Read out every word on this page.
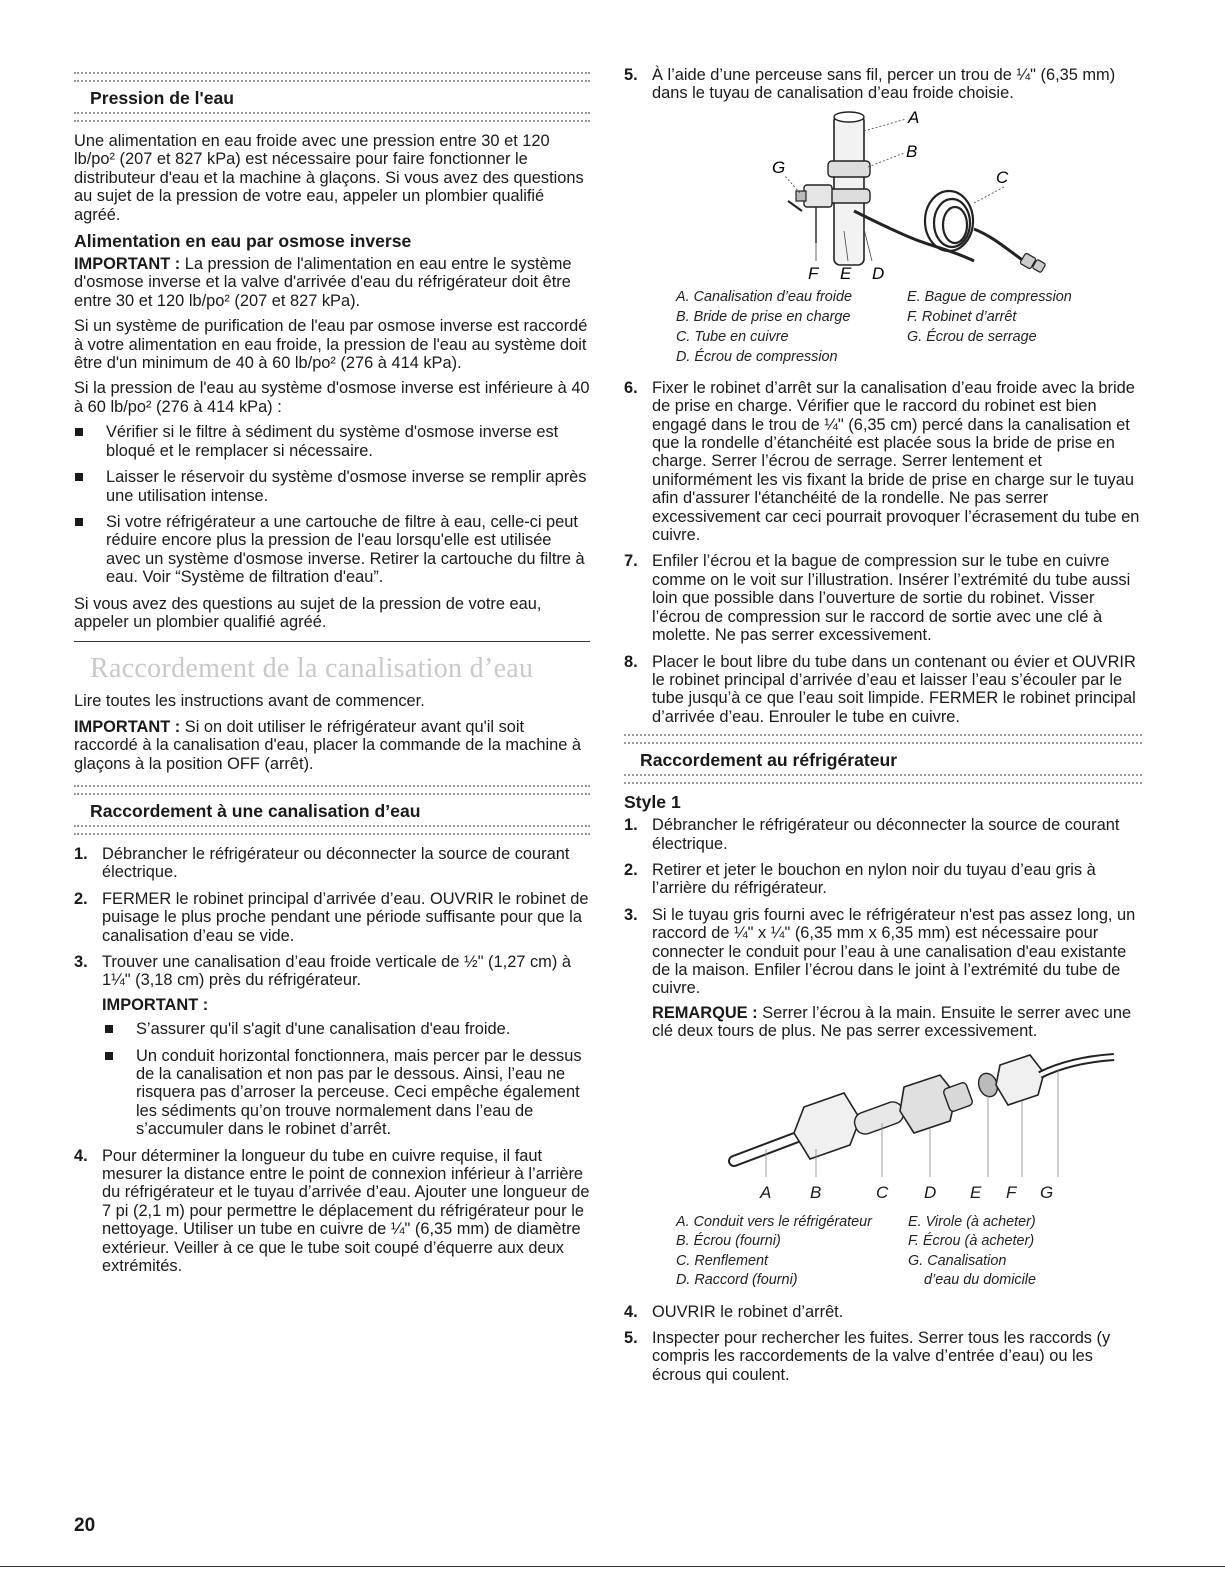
Pression de l'eau

Une alimentation en eau froide avec une pression entre 30 et 120 lb/po² (207 et 827 kPa) est nécessaire pour faire fonctionner le distributeur d'eau et la machine à glaçons. Si vous avez des questions au sujet de la pression de votre eau, appeler un plombier qualifié agréé.

Alimentation en eau par osmose inverse

IMPORTANT : La pression de l'alimentation en eau entre le système d'osmose inverse et la valve d'arrivée d'eau du réfrigérateur doit être entre 30 et 120 lb/po² (207 et 827 kPa).

Si un système de purification de l'eau par osmose inverse est raccordé à votre alimentation en eau froide, la pression de l'eau au système doit être d'un minimum de 40 à 60 lb/po² (276 à 414 kPa).

Si la pression de l'eau au système d'osmose inverse est inférieure à 40 à 60 lb/po² (276 à 414 kPa) :

Vérifier si le filtre à sédiment du système d'osmose inverse est bloqué et le remplacer si nécessaire.
Laisser le réservoir du système d'osmose inverse se remplir après une utilisation intense.
Si votre réfrigérateur a une cartouche de filtre à eau, celle-ci peut réduire encore plus la pression de l'eau lorsqu'elle est utilisée avec un système d'osmose inverse. Retirer la cartouche du filtre à eau. Voir “Système de filtration d'eau”.

Si vous avez des questions au sujet de la pression de votre eau, appeler un plombier qualifié agréé.

Raccordement de la canalisation d’eau

Lire toutes les instructions avant de commencer.

IMPORTANT : Si on doit utiliser le réfrigérateur avant qu'il soit raccordé à la canalisation d'eau, placer la commande de la machine à glaçons à la position OFF (arrêt).

Raccordement à une canalisation d’eau
1. Débrancher le réfrigérateur ou déconnecter la source de courant électrique.

2. FERMER le robinet principal d’arrivée d’eau. OUVRIR le robinet de puisage le plus proche pendant une période suffisante pour que la canalisation d’eau se vide.

3. Trouver une canalisation d’eau froide verticale de ½" (1,27 cm) à 1¼" (3,18 cm) près du réfrigérateur.

IMPORTANT :

S’assurer qu'il s'agit d'une canalisation d'eau froide.
Un conduit horizontal fonctionnera, mais percer par le dessus de la canalisation et non pas par le dessous. Ainsi, l’eau ne risquera pas d’arroser la perceuse. Ceci empêche également les sédiments qu’on trouve normalement dans l’eau de s’accumuler dans le robinet d’arrêt.
4. Pour déterminer la longueur du tube en cuivre requise, il faut mesurer la distance entre le point de connexion inférieur à l’arrière du réfrigérateur et le tuyau d’arrivée d’eau. Ajouter une longueur de 7 pi (2,1 m) pour permettre le déplacement du réfrigérateur pour le nettoyage. Utiliser un tube en cuivre de ¼" (6,35 mm) de diamètre extérieur. Veiller à ce que le tube soit coupé d’équerre aux deux extrémités.

5. À l’aide d’une perceuse sans fil, percer un trou de ¼" (6,35 mm) dans le tuyau de canalisation d’eau froide choisie.

A
B
C
G
F E D
A. Canalisation d’eau froide
B. Bride de prise en charge
C. Tube en cuivre
D. Écrou de compression
E. Bague de compression
F. Robinet d’arrêt
G. Écrou de serrage
6. Fixer le robinet d’arrêt sur la canalisation d’eau froide avec la bride de prise en charge. Vérifier que le raccord du robinet est bien engagé dans le trou de ¼" (6,35 cm) percé dans la canalisation et que la rondelle d’étanchéité est placée sous la bride de prise en charge. Serrer l’écrou de serrage. Serrer lentement et uniformément les vis fixant la bride de prise en charge sur le tuyau afin d'assurer l'étanchéité de la rondelle. Ne pas serrer excessivement car ceci pourrait provoquer l’écrasement du tube en cuivre.

7. Enfiler l’écrou et la bague de compression sur le tube en cuivre comme on le voit sur l’illustration. Insérer l’extrémité du tube aussi loin que possible dans l’ouverture de sortie du robinet. Visser l’écrou de compression sur le raccord de sortie avec une clé à molette. Ne pas serrer excessivement.

8. Placer le bout libre du tube dans un contenant ou évier et OUVRIR le robinet principal d’arrivée d’eau et laisser l’eau s’écouler par le tube jusqu’à ce que l’eau soit limpide. FERMER le robinet principal d’arrivée d’eau. Enrouler le tube en cuivre.

Raccordement au réfrigérateur
Style 1
1. Débrancher le réfrigérateur ou déconnecter la source de courant électrique.

2. Retirer et jeter le bouchon en nylon noir du tuyau d’eau gris à l’arrière du réfrigérateur.

3. Si le tuyau gris fourni avec le réfrigérateur n'est pas assez long, un raccord de ¼" x ¼" (6,35 mm x 6,35 mm) est nécessaire pour connecter le conduit pour l’eau à une canalisation d'eau existante de la maison. Enfiler l’écrou dans le joint à l’extrémité du tube de cuivre.

REMARQUE : Serrer l’écrou à la main. Ensuite le serrer avec une clé deux tours de plus. Ne pas serrer excessivement.

A B	C D E F G
A. Conduit vers le réfrigérateur
B. Écrou (fourni)
C. Renflement
D. Raccord (fourni)
E. Virole (à acheter)
F. Écrou (à acheter)
G. Canalisation
d’eau du domicile
4. OUVRIR le robinet d’arrêt.

5. Inspecter pour rechercher les fuites. Serrer tous les raccords (y compris les raccordements de la valve d’entrée d’eau) ou les écrous qui coulent.

20
